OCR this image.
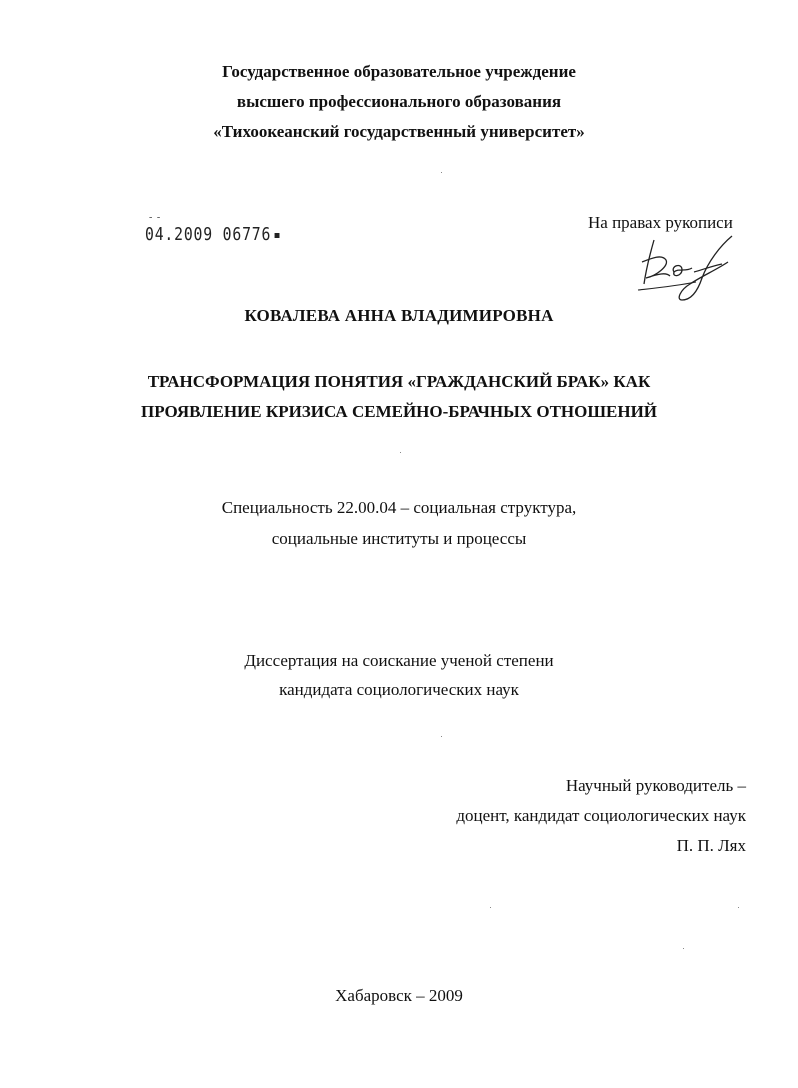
Государственное образовательное учреждение
высшего профессионального образования
«Тихоокеанский государственный университет»
- -
04.2009 06776
На правах рукописи
КОВАЛЕВА АННА ВЛАДИМИРОВНА
ТРАНСФОРМАЦИЯ ПОНЯТИЯ «ГРАЖДАНСКИЙ БРАК» КАК
ПРОЯВЛЕНИЕ КРИЗИСА СЕМЕЙНО-БРАЧНЫХ ОТНОШЕНИЙ
Специальность 22.00.04 – социальная структура,
социальные институты и процессы
Диссертация на соискание ученой степени
кандидата социологических наук
Научный руководитель –
доцент, кандидат социологических наук
П. П. Лях
Хабаровск – 2009
